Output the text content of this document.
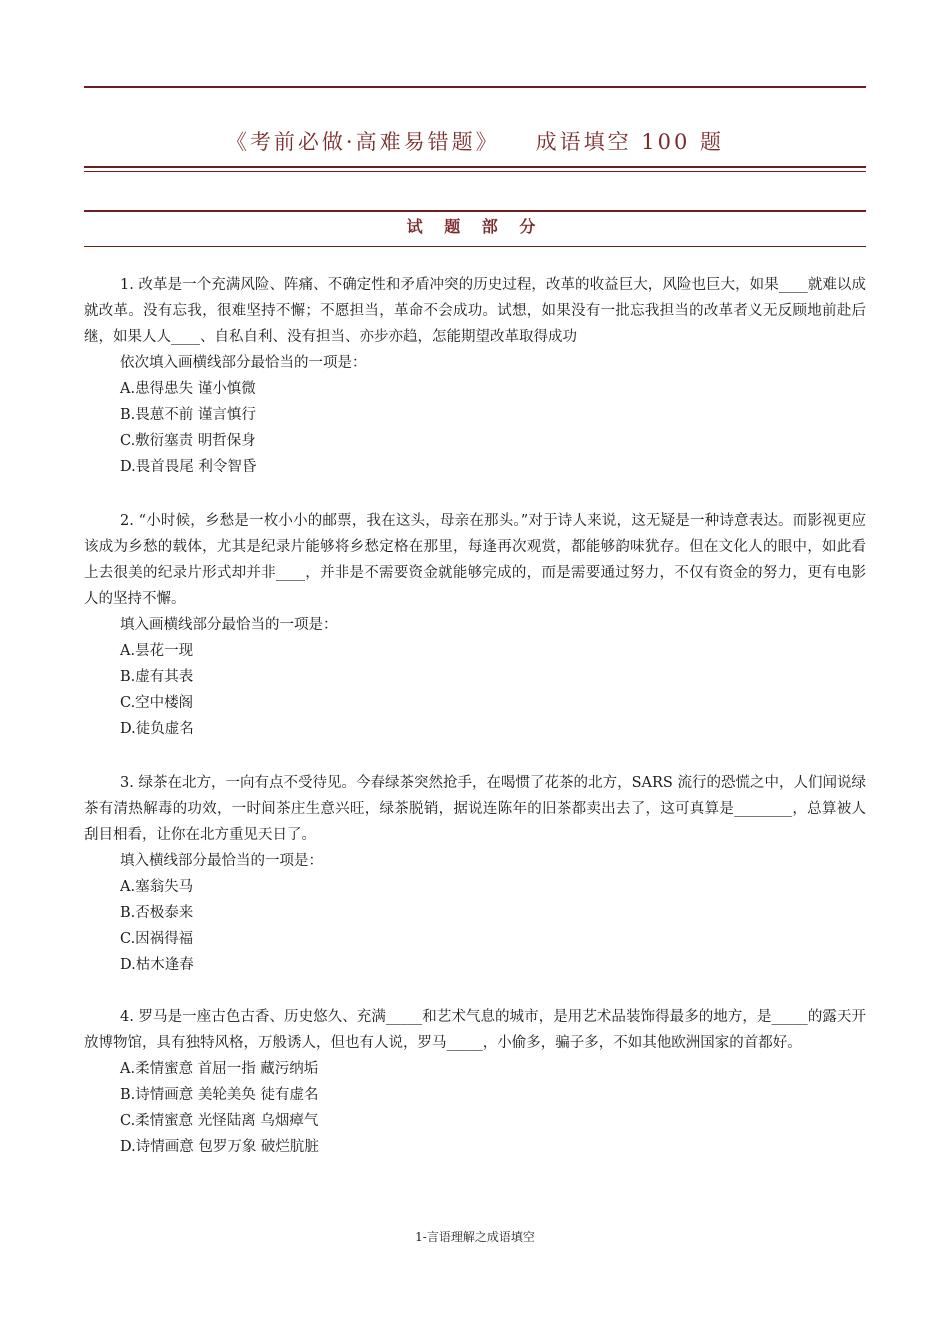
《考前必做·高难易错题》 成语填空 100 题
试 题 部 分

1. 改革是一个充满风险、阵痛、不确定性和矛盾冲突的历史过程，改革的收益巨大，风险也巨大，如果____就难以成就改革。没有忘我，很难坚持不懈；不愿担当，革命不会成功。试想，如果没有一批忘我担当的改革者义无反顾地前赴后继，如果人人____、自私自利、没有担当、亦步亦趋，怎能期望改革取得成功

依次填入画横线部分最恰当的一项是：

A.患得患失 谨小慎微

B.畏葸不前 谨言慎行

C.敷衍塞责 明哲保身

D.畏首畏尾 利令智昏

2. “小时候，乡愁是一枚小小的邮票，我在这头，母亲在那头。”对于诗人来说，这无疑是一种诗意表达。而影视更应该成为乡愁的载体，尤其是纪录片能够将乡愁定格在那里，每逢再次观赏，都能够韵味犹存。但在文化人的眼中，如此看上去很美的纪录片形式却并非____，并非是不需要资金就能够完成的，而是需要通过努力，不仅有资金的努力，更有电影人的坚持不懈。

填入画横线部分最恰当的一项是：

A.昙花一现

B.虚有其表

C.空中楼阁

D.徒负虚名

3. 绿茶在北方，一向有点不受待见。今春绿茶突然抢手，在喝惯了花茶的北方，SARS 流行的恐慌之中，人们闻说绿茶有清热解毒的功效，一时间茶庄生意兴旺，绿茶脱销，据说连陈年的旧茶都卖出去了，这可真算是________，总算被人刮目相看，让你在北方重见天日了。

填入横线部分最恰当的一项是：

A.塞翁失马

B.否极泰来

C.因祸得福

D.枯木逢春

4. 罗马是一座古色古香、历史悠久、充满_____和艺术气息的城市，是用艺术品装饰得最多的地方，是_____的露天开放博物馆，具有独特风格，万般诱人，但也有人说，罗马_____，小偷多，骗子多，不如其他欧洲国家的首都好。

A.柔情蜜意 首屈一指 藏污纳垢

B.诗情画意 美轮美奂 徒有虚名

C.柔情蜜意 光怪陆离 乌烟瘴气

D.诗情画意 包罗万象 破烂肮脏

1-言语理解之成语填空
